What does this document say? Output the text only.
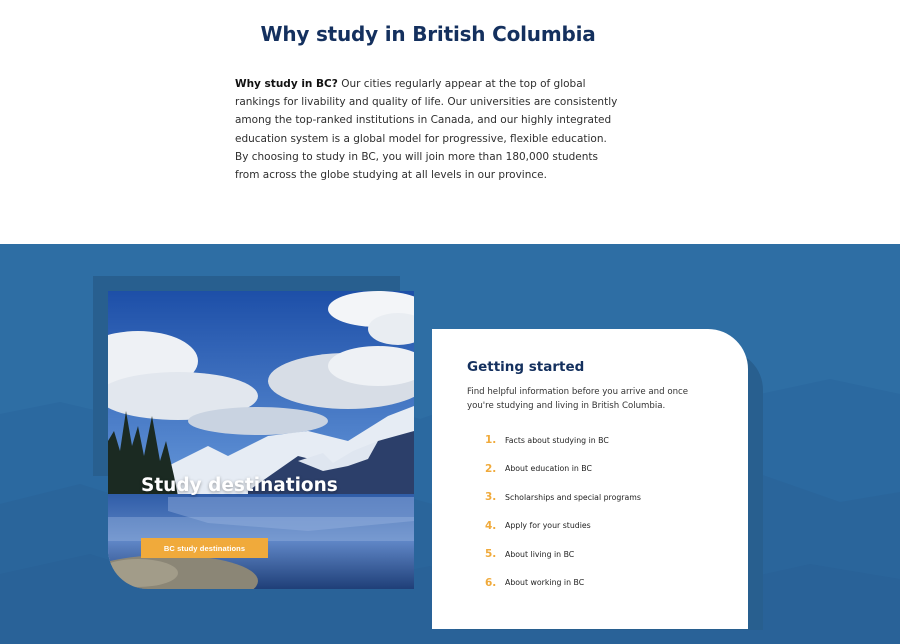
Why study in British Columbia

Why study in BC? Our cities regularly appear at the top of global rankings for livability and quality of life. Our universities are consistently among the top-ranked institutions in Canada, and our highly integrated education system is a global model for progressive, flexible education. By choosing to study in BC, you will join more than 180,000 students from across the globe studying at all levels in our province.

Study destinations
BC study destinations
Getting started

Find helpful information before you arrive and once you're studying and living in British Columbia.

1.	Facts about studying in BC
2.	About education in BC
3.	Scholarships and special programs
4.	Apply for your studies
5.	About living in BC
6.	About working in BC
